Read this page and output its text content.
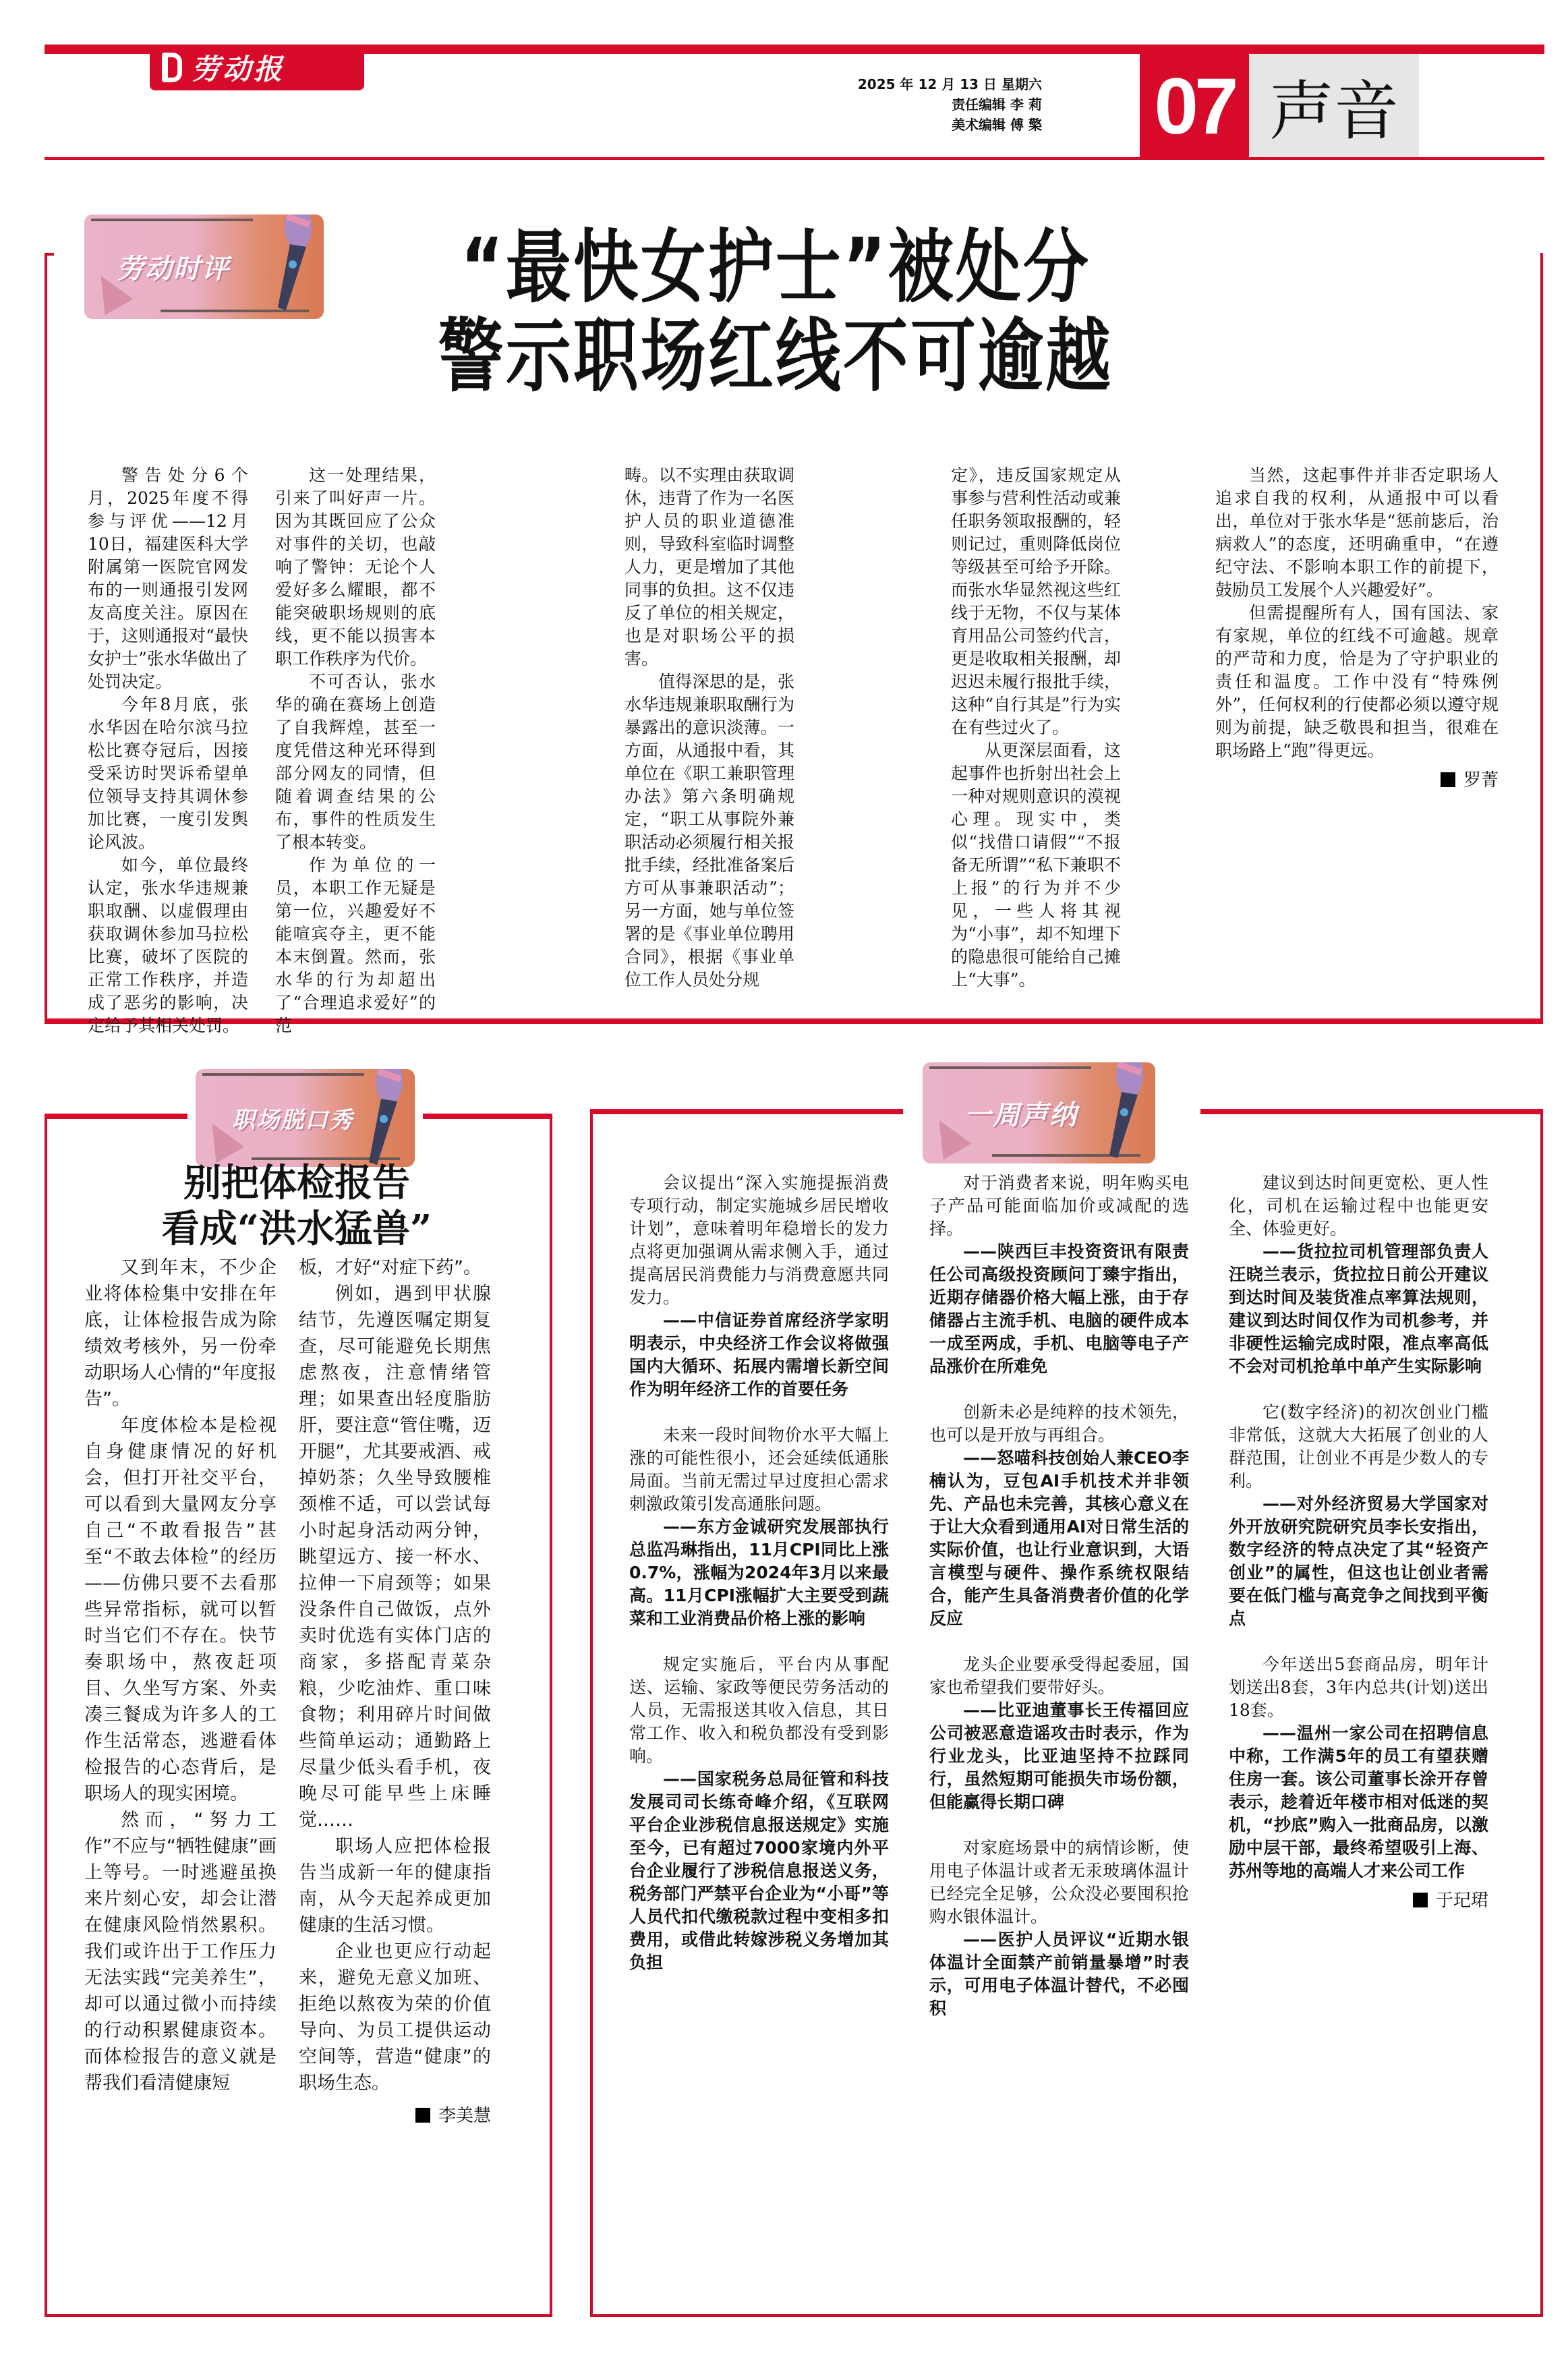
劳动报	2025 年 12 月 13 日 星期六
责任编辑 李 莉
美术编辑 傅 檠 07 声音
劳动时评	“最快女护士”被处分
警示职场红线不可逾越

警告处分6个月，2025年度不得参与评优——12月10日，福建医科大学附属第一医院官网发布的一则通报引发网友高度关注。原因在于，这则通报对“最快女护士”张水华做出了处罚决定。

今年8月底，张水华因在哈尔滨马拉松比赛夺冠后，因接受采访时哭诉希望单位领导支持其调休参加比赛，一度引发舆论风波。

如今，单位最终认定，张水华违规兼职取酬、以虚假理由获取调休参加马拉松比赛，破坏了医院的正常工作秩序，并造成了恶劣的影响，决定给予其相关处罚。

这一处理结果，引来了叫好声一片。因为其既回应了公众对事件的关切，也敲响了警钟：无论个人爱好多么耀眼，都不能突破职场规则的底线，更不能以损害本职工作秩序为代价。

不可否认，张水华的确在赛场上创造了自我辉煌，甚至一度凭借这种光环得到部分网友的同情，但随着调查结果的公布，事件的性质发生了根本转变。

作为单位的一员，本职工作无疑是第一位，兴趣爱好不能喧宾夺主，更不能本末倒置。然而，张水华的行为却超出了“合理追求爱好”的范

畴。以不实理由获取调休，违背了作为一名医护人员的职业道德准则，导致科室临时调整人力，更是增加了其他同事的负担。这不仅违反了单位的相关规定，也是对职场公平的损害。

值得深思的是，张水华违规兼职取酬行为暴露出的意识淡薄。一方面，从通报中看，其单位在《职工兼职管理办法》第六条明确规定，“职工从事院外兼职活动必须履行相关报批手续，经批准备案后方可从事兼职活动”；另一方面，她与单位签署的是《事业单位聘用合同》，根据《事业单位工作人员处分规

定》，违反国家规定从事参与营利性活动或兼任职务领取报酬的，轻则记过，重则降低岗位等级甚至可给予开除。而张水华显然视这些红线于无物，不仅与某体育用品公司签约代言，更是收取相关报酬，却迟迟未履行报批手续，这种“自行其是”行为实在有些过火了。

从更深层面看，这起事件也折射出社会上一种对规则意识的漠视心理。现实中，类似“找借口请假”“不报备无所谓”“私下兼职不上报”的行为并不少见，一些人将其视为“小事”，却不知埋下的隐患很可能给自己摊上“大事”。

当然，这起事件并非否定职场人追求自我的权利，从通报中可以看出，单位对于张水华是“惩前毖后，治病救人”的态度，还明确重申，“在遵纪守法、不影响本职工作的前提下，鼓励员工发展个人兴趣爱好”。

但需提醒所有人，国有国法、家有家规，单位的红线不可逾越。规章的严苛和力度，恰是为了守护职业的责任和温度。工作中没有“特殊例外”，任何权利的行使都必须以遵守规则为前提，缺乏敬畏和担当，很难在职场路上“跑”得更远。

罗菁
职场脱口秀
别把体检报告
看成“洪水猛兽”

又到年末，不少企业将体检集中安排在年底，让体检报告成为除绩效考核外，另一份牵动职场人心情的“年度报告”。

年度体检本是检视自身健康情况的好机会，但打开社交平台，可以看到大量网友分享自己“不敢看报告”甚至“不敢去体检”的经历——仿佛只要不去看那些异常指标，就可以暂时当它们不存在。快节奏职场中，熬夜赶项目、久坐写方案、外卖凑三餐成为许多人的工作生活常态，逃避看体检报告的心态背后，是职场人的现实困境。

然而，“努力工作”不应与“牺牲健康”画上等号。一时逃避虽换来片刻心安，却会让潜在健康风险悄然累积。我们或许出于工作压力无法实践“完美养生”，却可以通过微小而持续的行动积累健康资本。而体检报告的意义就是帮我们看清健康短

板，才好“对症下药”。

例如，遇到甲状腺结节，先遵医嘱定期复查，尽可能避免长期焦虑熬夜，注意情绪管理；如果查出轻度脂肪肝，要注意“管住嘴，迈开腿”，尤其要戒酒、戒掉奶茶；久坐导致腰椎颈椎不适，可以尝试每小时起身活动两分钟，眺望远方、接一杯水、拉伸一下肩颈等；如果没条件自己做饭，点外卖时优选有实体门店的商家，多搭配青菜杂粮，少吃油炸、重口味食物；利用碎片时间做些简单运动；通勤路上尽量少低头看手机，夜晚尽可能早些上床睡觉……

职场人应把体检报告当成新一年的健康指南，从今天起养成更加健康的生活习惯。

企业也更应行动起来，避免无意义加班、拒绝以熬夜为荣的价值导向、为员工提供运动空间等，营造“健康”的职场生态。

李美慧
一周声纳

会议提出“深入实施提振消费专项行动，制定实施城乡居民增收计划”，意味着明年稳增长的发力点将更加强调从需求侧入手，通过提高居民消费能力与消费意愿共同发力。

——中信证券首席经济学家明明表示，中央经济工作会议将做强国内大循环、拓展内需增长新空间作为明年经济工作的首要任务

未来一段时间物价水平大幅上涨的可能性很小，还会延续低通胀局面。当前无需过早过度担心需求刺激政策引发高通胀问题。

——东方金诚研究发展部执行总监冯琳指出，11月CPI同比上涨0.7%，涨幅为2024年3月以来最高。11月CPI涨幅扩大主要受到蔬菜和工业消费品价格上涨的影响

规定实施后，平台内从事配送、运输、家政等便民劳务活动的人员，无需报送其收入信息，其日常工作、收入和税负都没有受到影响。

——国家税务总局征管和科技发展司司长练奇峰介绍，《互联网平台企业涉税信息报送规定》实施至今，已有超过7000家境内外平台企业履行了涉税信息报送义务，税务部门严禁平台企业为“小哥”等人员代扣代缴税款过程中变相多扣费用，或借此转嫁涉税义务增加其负担

对于消费者来说，明年购买电子产品可能面临加价或减配的选择。

——陕西巨丰投资资讯有限责任公司高级投资顾问丁臻宇指出，近期存储器价格大幅上涨，由于存储器占主流手机、电脑的硬件成本一成至两成，手机、电脑等电子产品涨价在所难免

创新未必是纯粹的技术领先，也可以是开放与再组合。

——怒喵科技创始人兼CEO李楠认为，豆包AI手机技术并非领先、产品也未完善，其核心意义在于让大众看到通用AI对日常生活的实际价值，也让行业意识到，大语言模型与硬件、操作系统权限结合，能产生具备消费者价值的化学反应

龙头企业要承受得起委屈，国家也希望我们要带好头。

——比亚迪董事长王传福回应公司被恶意造谣攻击时表示，作为行业龙头，比亚迪坚持不拉踩同行，虽然短期可能损失市场份额，但能赢得长期口碑

对家庭场景中的病情诊断，使用电子体温计或者无汞玻璃体温计已经完全足够，公众没必要囤积抢购水银体温计。

——医护人员评议“近期水银体温计全面禁产前销量暴增”时表示，可用电子体温计替代，不必囤积

建议到达时间更宽松、更人性化，司机在运输过程中也能更安全、体验更好。

——货拉拉司机管理部负责人汪晓兰表示，货拉拉日前公开建议到达时间及装货准点率算法规则，建议到达时间仅作为司机参考，并非硬性运输完成时限，准点率高低不会对司机抢单中单产生实际影响

它(数字经济)的初次创业门槛非常低，这就大大拓展了创业的人群范围，让创业不再是少数人的专利。

——对外经济贸易大学国家对外开放研究院研究员李长安指出，数字经济的特点决定了其“轻资产创业”的属性，但这也让创业者需要在低门槛与高竞争之间找到平衡点

今年送出5套商品房，明年计划送出8套，3年内总共(计划)送出18套。

——温州一家公司在招聘信息中称，工作满5年的员工有望获赠住房一套。该公司董事长涂开存曾表示，趁着近年楼市相对低迷的契机，“抄底”购入一批商品房，以激励中层干部，最终希望吸引上海、苏州等地的高端人才来公司工作

于玘珺
